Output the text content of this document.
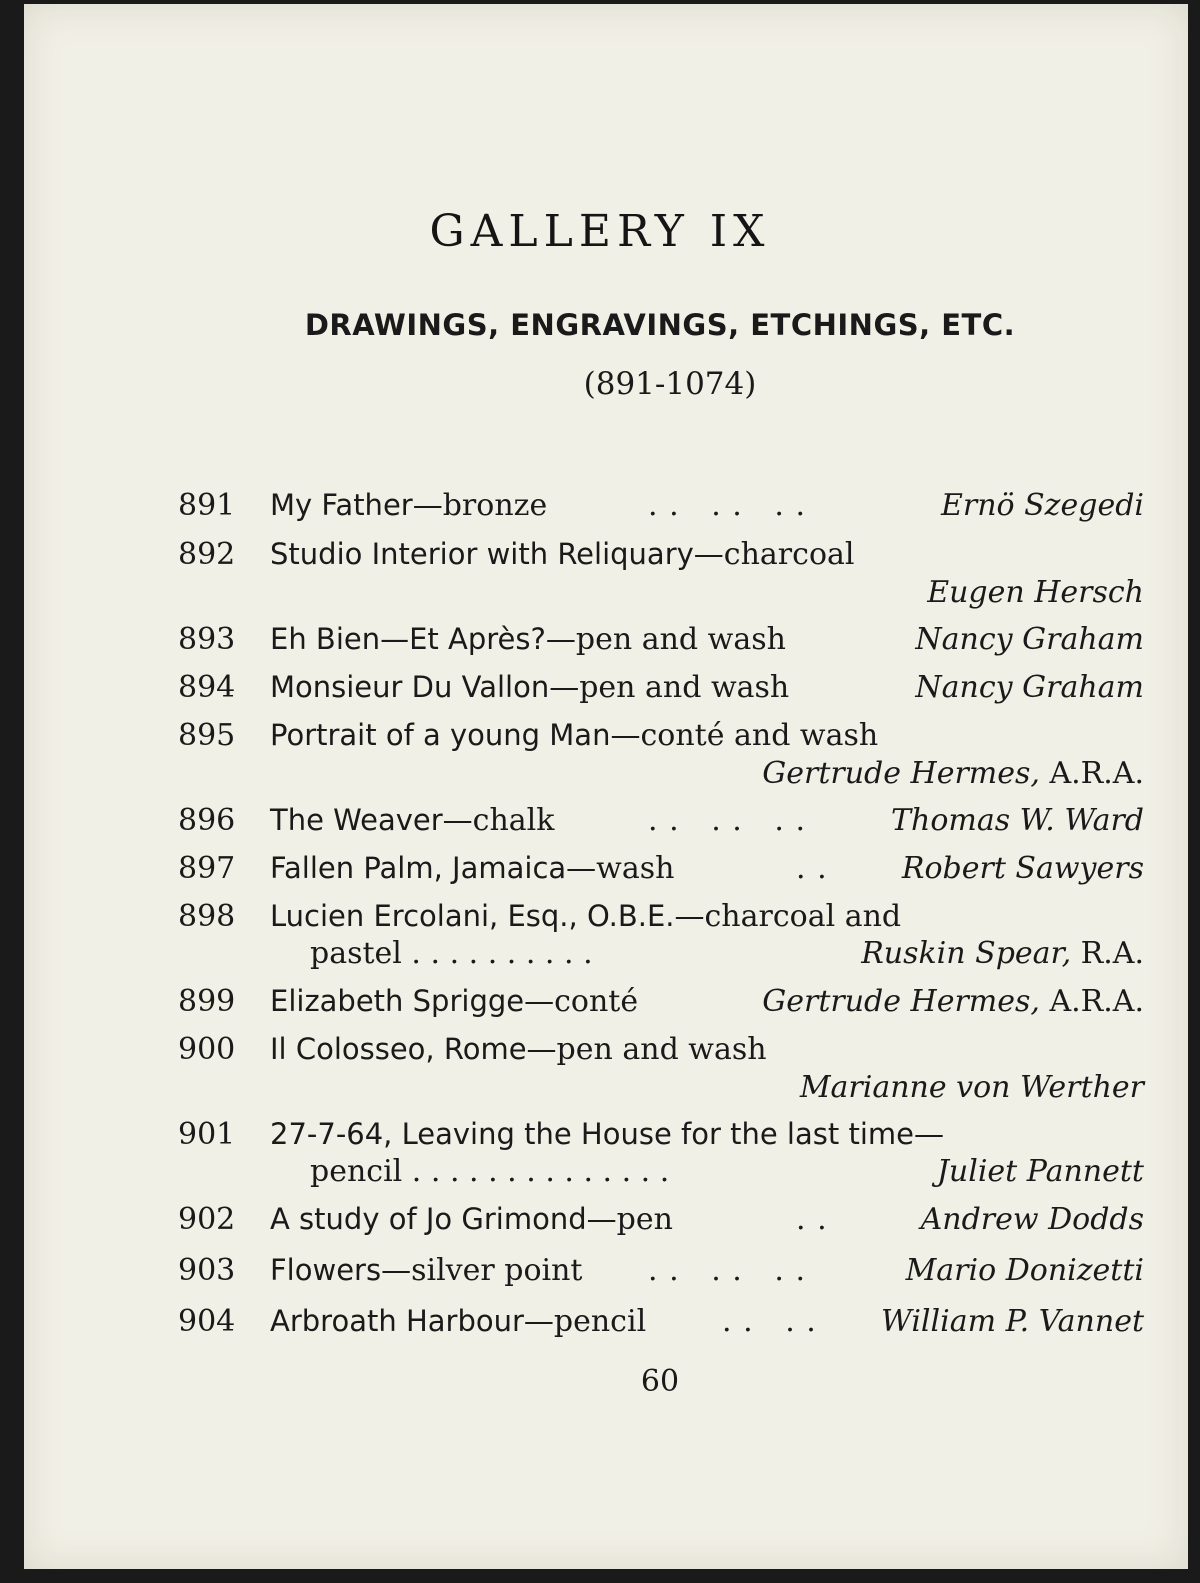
GALLERY IX
DRAWINGS, ENGRAVINGS, ETCHINGS, ETC.
(891-1074)
891 My Father—bronze	. .   . .   . .	Ernö Szegedi
892 Studio Interior with Reliquary—charcoal
Eugen Hersch
893 Eh Bien—Et Après?—pen and wash	Nancy Graham
894 Monsieur Du Vallon—pen and wash	Nancy Graham
895 Portrait of a young Man—conté and wash
Gertrude Hermes, A.R.A.
896 The Weaver—chalk	. .   . .   . .	Thomas W. Ward
897 Fallen Palm, Jamaica—wash	. . Robert Sawyers
898 Lucien Ercolani, Esq., O.B.E.—charcoal and
pastel . . . . . . . . . .	Ruskin Spear, R.A.
899 Elizabeth Sprigge—conté	Gertrude Hermes, A.R.A.
900 Il Colosseo, Rome—pen and wash
Marianne von Werther
901 27-7-64, Leaving the House for the last time—
pencil . . . . . . . . . . . . . .	Juliet Pannett
902 A study of Jo Grimond—pen	. .	Andrew Dodds
903 Flowers—silver point . .   . .   . .	Mario Donizetti
904 Arbroath Harbour—pencil	. .   . . William P. Vannet
60
